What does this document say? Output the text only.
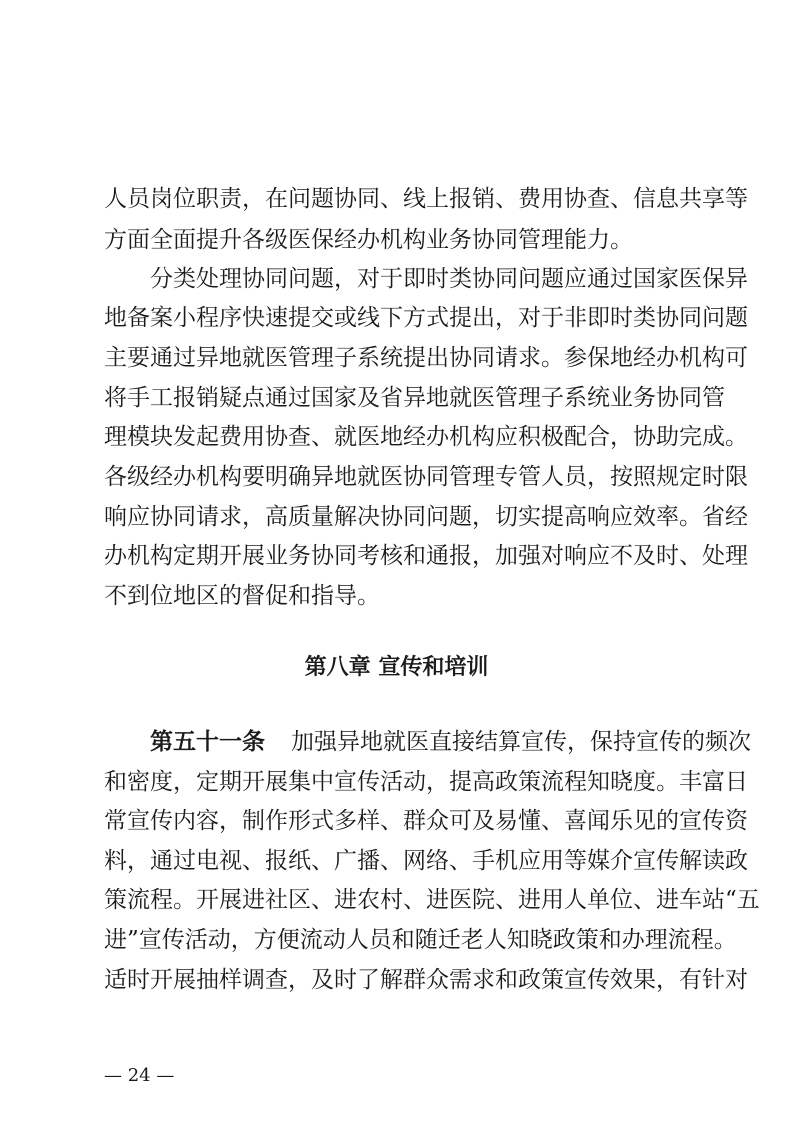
人员岗位职责，在问题协同、线上报销、费用协查、信息共享等
方面全面提升各级医保经办机构业务协同管理能力。
分类处理协同问题，对于即时类协同问题应通过国家医保异
地备案小程序快速提交或线下方式提出，对于非即时类协同问题
主要通过异地就医管理子系统提出协同请求。参保地经办机构可
将手工报销疑点通过国家及省异地就医管理子系统业务协同管
理模块发起费用协查、就医地经办机构应积极配合，协助完成。
各级经办机构要明确异地就医协同管理专管人员，按照规定时限
响应协同请求，高质量解决协同问题，切实提高响应效率。省经
办机构定期开展业务协同考核和通报，加强对响应不及时、处理
不到位地区的督促和指导。
第八章 宣传和培训
第五十一条 加强异地就医直接结算宣传，保持宣传的频次
和密度，定期开展集中宣传活动，提高政策流程知晓度。丰富日
常宣传内容，制作形式多样、群众可及易懂、喜闻乐见的宣传资
料，通过电视、报纸、广播、网络、手机应用等媒介宣传解读政
策流程。开展进社区、进农村、进医院、进用人单位、进车站“五
进”宣传活动，方便流动人员和随迁老人知晓政策和办理流程。
适时开展抽样调查，及时了解群众需求和政策宣传效果，有针对
— 24 —
